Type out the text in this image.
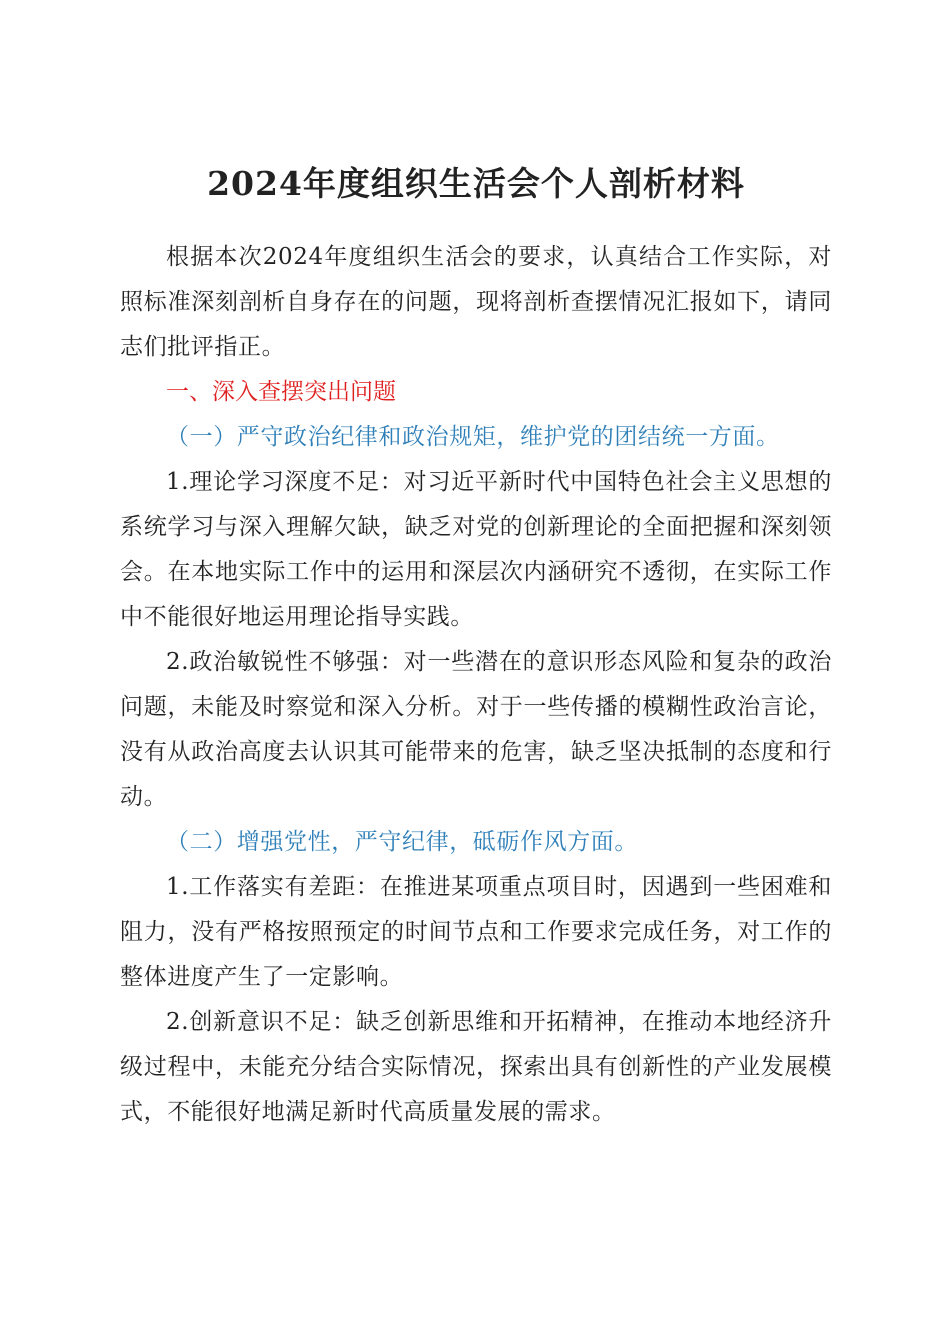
2024年度组织生活会个人剖析材料

根据本次2024年度组织生活会的要求，认真结合工作实际，对照标准深刻剖析自身存在的问题，现将剖析查摆情况汇报如下，请同志们批评指正。

一、深入查摆突出问题

（一）严守政治纪律和政治规矩，维护党的团结统一方面。

1.理论学习深度不足：对习近平新时代中国特色社会主义思想的系统学习与深入理解欠缺，缺乏对党的创新理论的全面把握和深刻领会。在本地实际工作中的运用和深层次内涵研究不透彻，在实际工作中不能很好地运用理论指导实践。

2.政治敏锐性不够强：对一些潜在的意识形态风险和复杂的政治问题，未能及时察觉和深入分析。对于一些传播的模糊性政治言论，没有从政治高度去认识其可能带来的危害，缺乏坚决抵制的态度和行动。

（二）增强党性，严守纪律，砥砺作风方面。

1.工作落实有差距：在推进某项重点项目时，因遇到一些困难和阻力，没有严格按照预定的时间节点和工作要求完成任务，对工作的整体进度产生了一定影响。

2.创新意识不足：缺乏创新思维和开拓精神，在推动本地经济升级过程中，未能充分结合实际情况，探索出具有创新性的产业发展模式，不能很好地满足新时代高质量发展的需求。
